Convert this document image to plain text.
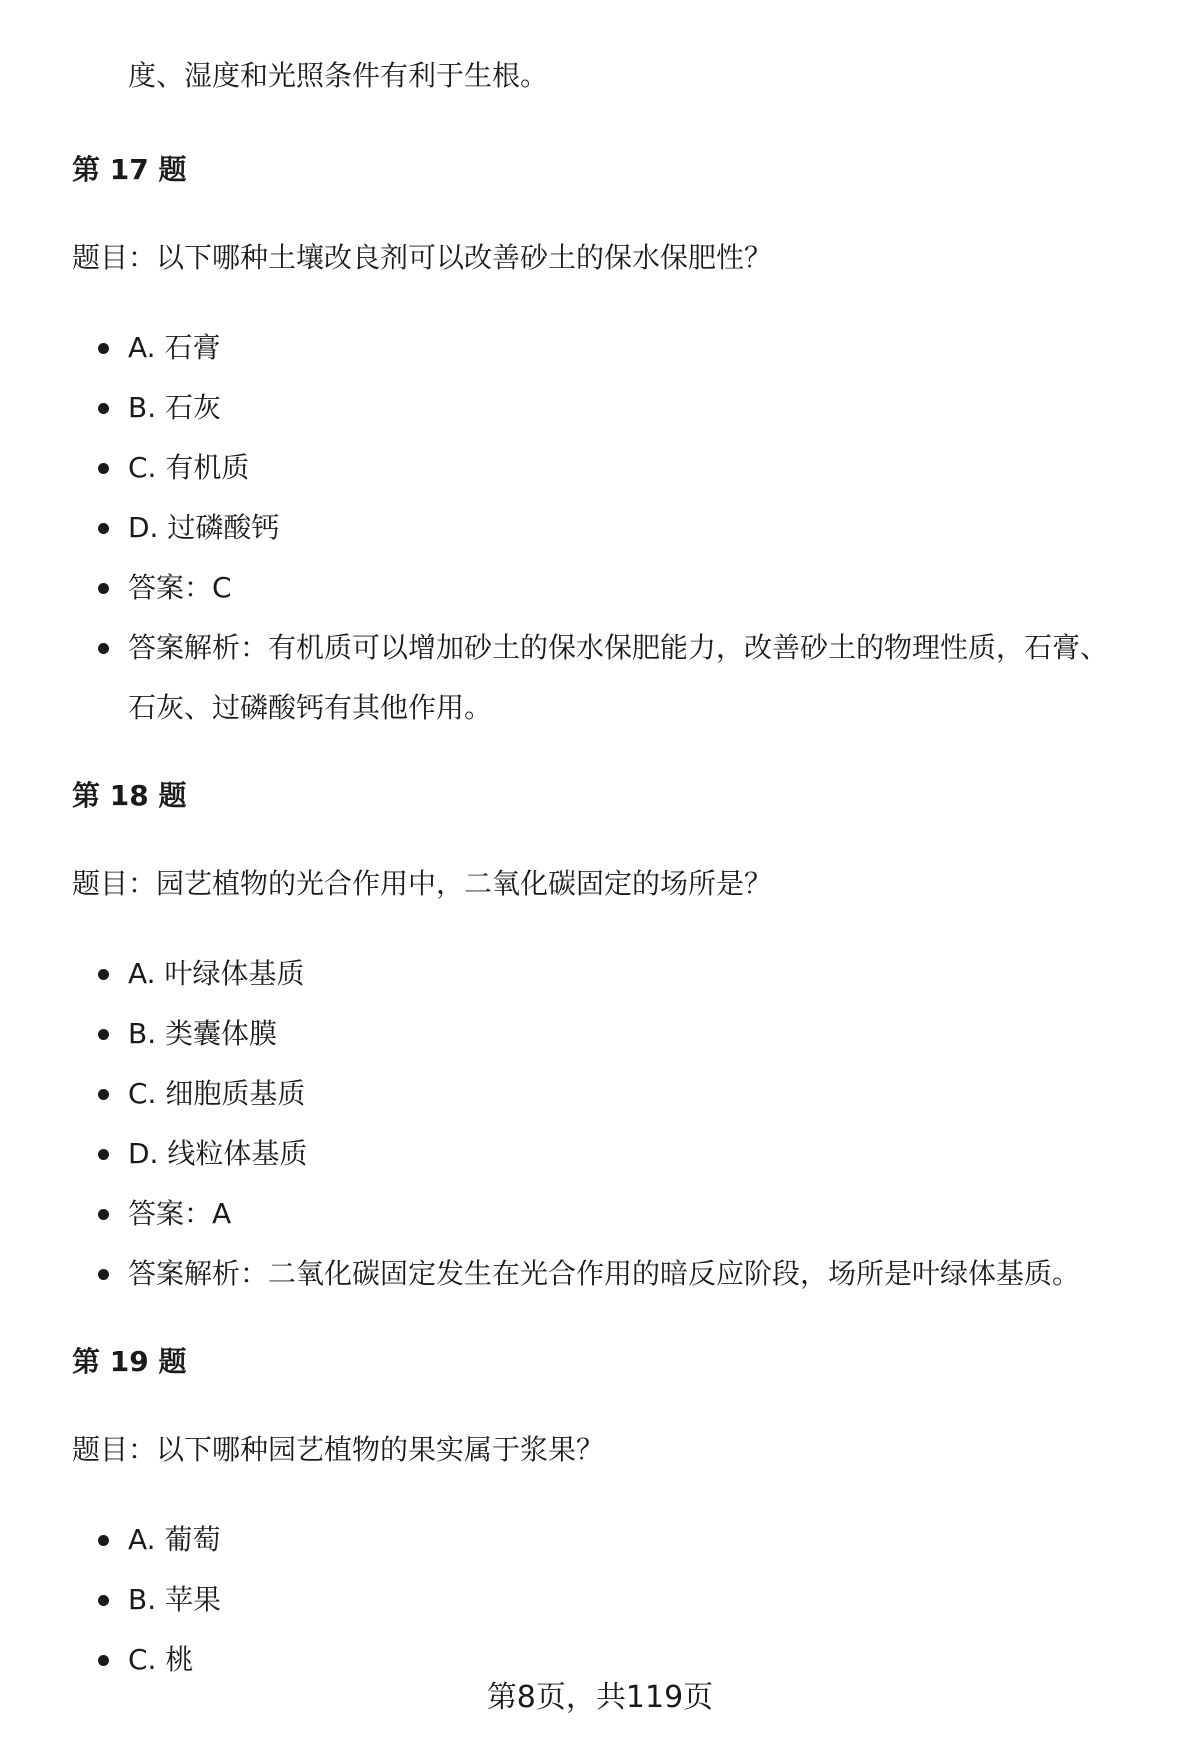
度、湿度和光照条件有利于生根。

第 17 题

题目：以下哪种土壤改良剂可以改善砂土的保水保肥性？

A. 石膏
B. 石灰
C. 有机质
D. 过磷酸钙
答案：C
答案解析：有机质可以增加砂土的保水保肥能力，改善砂土的物理性质，石膏、石灰、过磷酸钙有其他作用。

第 18 题

题目：园艺植物的光合作用中，二氧化碳固定的场所是？

A. 叶绿体基质
B. 类囊体膜
C. 细胞质基质
D. 线粒体基质
答案：A
答案解析：二氧化碳固定发生在光合作用的暗反应阶段，场所是叶绿体基质。

第 19 题

题目：以下哪种园艺植物的果实属于浆果？

A. 葡萄
B. 苹果
C. 桃

第8页，共119页
